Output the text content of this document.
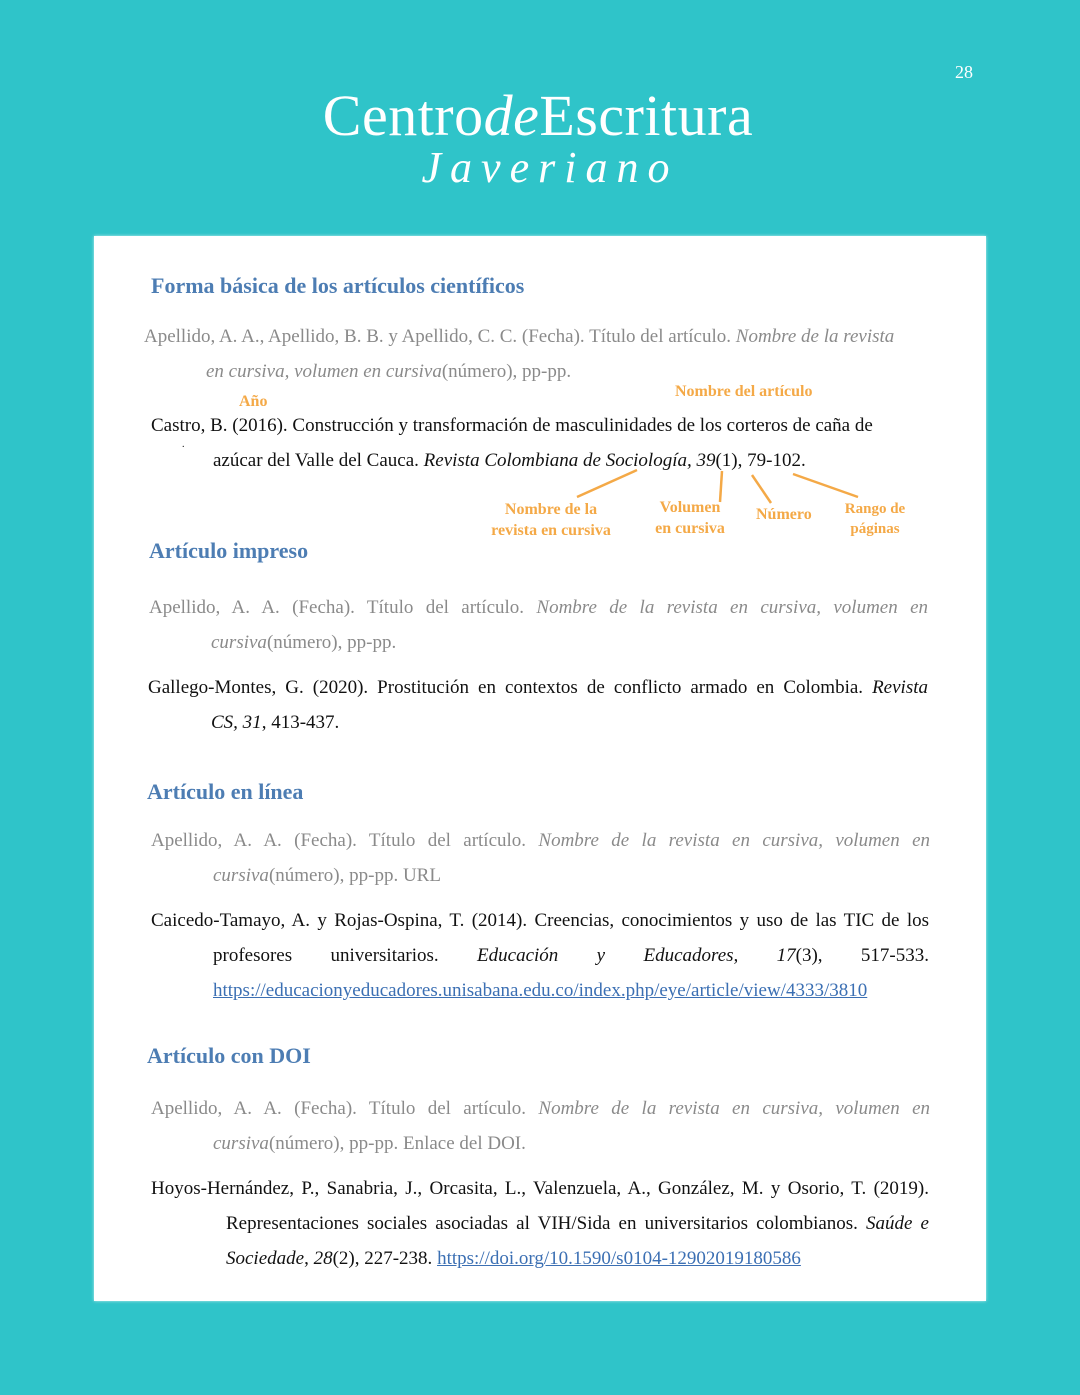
28
CentrodeEscritura
Javeriano
Forma básica de los artículos científicos
Apellido, A. A., Apellido, B. B. y Apellido, C. C. (Fecha). Título del artículo. Nombre de la revista
en cursiva, volumen en cursiva(número), pp-pp.
Año
Nombre del artículo
Castro, B. (2016). Construcción y transformación de masculinidades de los corteros de caña de
.
azúcar del Valle del Cauca. Revista Colombiana de Sociología, 39(1), 79-102.
Nombre de la
revista en cursiva
Volumen
en cursiva
Número	Rango de
páginas
Artículo impreso
Apellido, A. A. (Fecha). Título del artículo. Nombre de la revista en cursiva, volumen en
cursiva(número), pp-pp.
Gallego-Montes, G. (2020). Prostitución en contextos de conflicto armado en Colombia. Revista
CS, 31, 413-437.
Artículo en línea
Apellido, A. A. (Fecha). Título del artículo. Nombre de la revista en cursiva, volumen en
cursiva(número), pp-pp. URL
Caicedo-Tamayo, A. y Rojas-Ospina, T. (2014). Creencias, conocimientos y uso de las TIC de los
profesores universitarios. Educación y Educadores, 17(3), 517-533.
https://educacionyeducadores.unisabana.edu.co/index.php/eye/article/view/4333/3810
Artículo con DOI
Apellido, A. A. (Fecha). Título del artículo. Nombre de la revista en cursiva, volumen en
cursiva(número), pp-pp. Enlace del DOI.
Hoyos-Hernández, P., Sanabria, J., Orcasita, L., Valenzuela, A., González, M. y Osorio, T. (2019).
Representaciones sociales asociadas al VIH/Sida en universitarios colombianos. Saúde e
Sociedade, 28(2), 227-238. https://doi.org/10.1590/s0104-12902019180586
